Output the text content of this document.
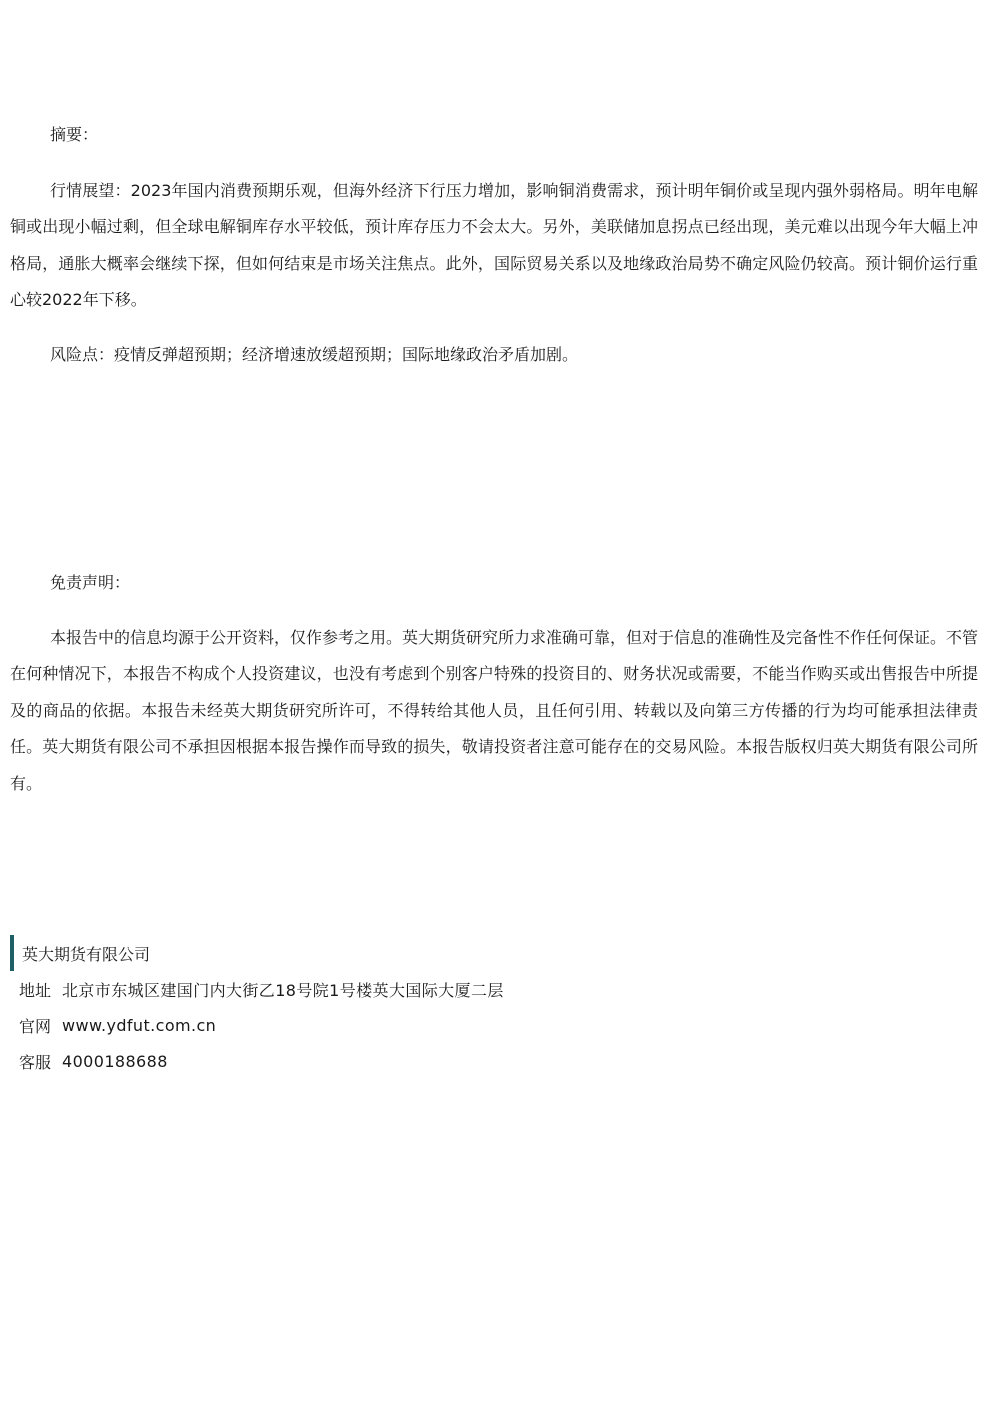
摘要：

行情展望：2023年国内消费预期乐观，但海外经济下行压力增加，影响铜消费需求，预计明年铜价或呈现内强外弱格局。明年电解铜或出现小幅过剩，但全球电解铜库存水平较低，预计库存压力不会太大。另外，美联储加息拐点已经出现，美元难以出现今年大幅上冲格局，通胀大概率会继续下探，但如何结束是市场关注焦点。此外，国际贸易关系以及地缘政治局势不确定风险仍较高。预计铜价运行重心较2022年下移。

风险点：疫情反弹超预期；经济增速放缓超预期；国际地缘政治矛盾加剧。

免责声明：

本报告中的信息均源于公开资料，仅作参考之用。英大期货研究所力求准确可靠，但对于信息的准确性及完备性不作任何保证。不管在何种情况下，本报告不构成个人投资建议，也没有考虑到个别客户特殊的投资目的、财务状况或需要，不能当作购买或出售报告中所提及的商品的依据。本报告未经英大期货研究所许可，不得转给其他人员，且任何引用、转载以及向第三方传播的行为均可能承担法律责任。英大期货有限公司不承担因根据本报告操作而导致的损失，敬请投资者注意可能存在的交易风险。本报告版权归英大期货有限公司所有。

英大期货有限公司
地址 北京市东城区建国门内大街乙18号院1号楼英大国际大厦二层
官网 www.ydfut.com.cn
客服 4000188688
